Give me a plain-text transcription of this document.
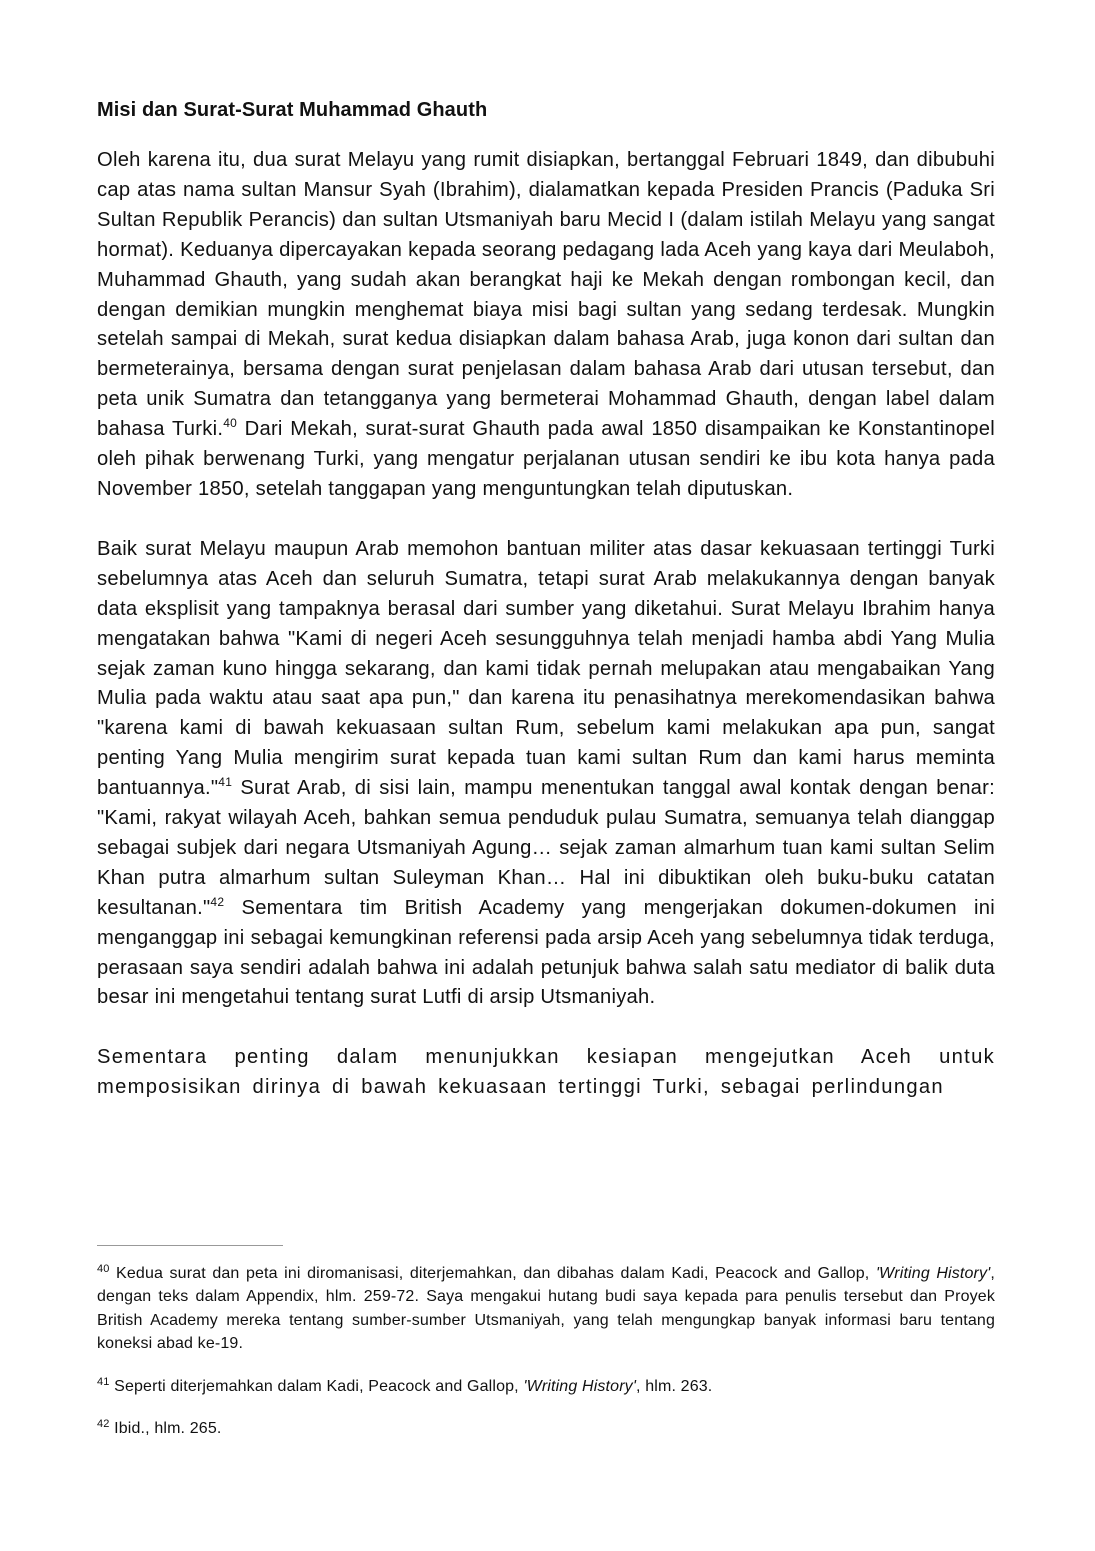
Misi dan Surat-Surat Muhammad Ghauth

Oleh karena itu, dua surat Melayu yang rumit disiapkan, bertanggal Februari 1849, dan dibubuhi cap atas nama sultan Mansur Syah (Ibrahim), dialamatkan kepada Presiden Prancis (Paduka Sri Sultan Republik Perancis) dan sultan Utsmaniyah baru Mecid I (dalam istilah Melayu yang sangat hormat). Keduanya dipercayakan kepada seorang pedagang lada Aceh yang kaya dari Meulaboh, Muhammad Ghauth, yang sudah akan berangkat haji ke Mekah dengan rombongan kecil, dan dengan demikian mungkin menghemat biaya misi bagi sultan yang sedang terdesak. Mungkin setelah sampai di Mekah, surat kedua disiapkan dalam bahasa Arab, juga konon dari sultan dan bermeterainya, bersama dengan surat penjelasan dalam bahasa Arab dari utusan tersebut, dan peta unik Sumatra dan tetangganya yang bermeterai Mohammad Ghauth, dengan label dalam bahasa Turki.$^{40}$ Dari Mekah, surat-surat Ghauth pada awal 1850 disampaikan ke Konstantinopel oleh pihak berwenang Turki, yang mengatur perjalanan utusan sendiri ke ibu kota hanya pada November 1850, setelah tanggapan yang menguntungkan telah diputuskan.

Baik surat Melayu maupun Arab memohon bantuan militer atas dasar kekuasaan tertinggi Turki sebelumnya atas Aceh dan seluruh Sumatra, tetapi surat Arab melakukannya dengan banyak data eksplisit yang tampaknya berasal dari sumber yang diketahui. Surat Melayu Ibrahim hanya mengatakan bahwa "Kami di negeri Aceh sesungguhnya telah menjadi hamba abdi Yang Mulia sejak zaman kuno hingga sekarang, dan kami tidak pernah melupakan atau mengabaikan Yang Mulia pada waktu atau saat apa pun," dan karena itu penasihatnya merekomendasikan bahwa "karena kami di bawah kekuasaan sultan Rum, sebelum kami melakukan apa pun, sangat penting Yang Mulia mengirim surat kepada tuan kami sultan Rum dan kami harus meminta bantuannya."$^{41}$ Surat Arab, di sisi lain, mampu menentukan tanggal awal kontak dengan benar: "Kami, rakyat wilayah Aceh, bahkan semua penduduk pulau Sumatra, semuanya telah dianggap sebagai subjek dari negara Utsmaniyah Agung… sejak zaman almarhum tuan kami sultan Selim Khan putra almarhum sultan Suleyman Khan… Hal ini dibuktikan oleh buku-buku catatan kesultanan."$^{42}$ Sementara tim British Academy yang mengerjakan dokumen-dokumen ini menganggap ini sebagai kemungkinan referensi pada arsip Aceh yang sebelumnya tidak terduga, perasaan saya sendiri adalah bahwa ini adalah petunjuk bahwa salah satu mediator di balik duta besar ini mengetahui tentang surat Lutfi di arsip Utsmaniyah.

Sementara penting dalam menunjukkan kesiapan mengejutkan Aceh untuk memposisikan dirinya di bawah kekuasaan tertinggi Turki, sebagai perlindungan

$^{40}$ Kedua surat dan peta ini diromanisasi, diterjemahkan, dan dibahas dalam Kadi, Peacock and Gallop, 'Writing History', dengan teks dalam Appendix, hlm. 259-72. Saya mengakui hutang budi saya kepada para penulis tersebut dan Proyek British Academy mereka tentang sumber-sumber Utsmaniyah, yang telah mengungkap banyak informasi baru tentang koneksi abad ke-19.

$^{41}$ Seperti diterjemahkan dalam Kadi, Peacock and Gallop, 'Writing History', hlm. 263.

$^{42}$ Ibid., hlm. 265.
